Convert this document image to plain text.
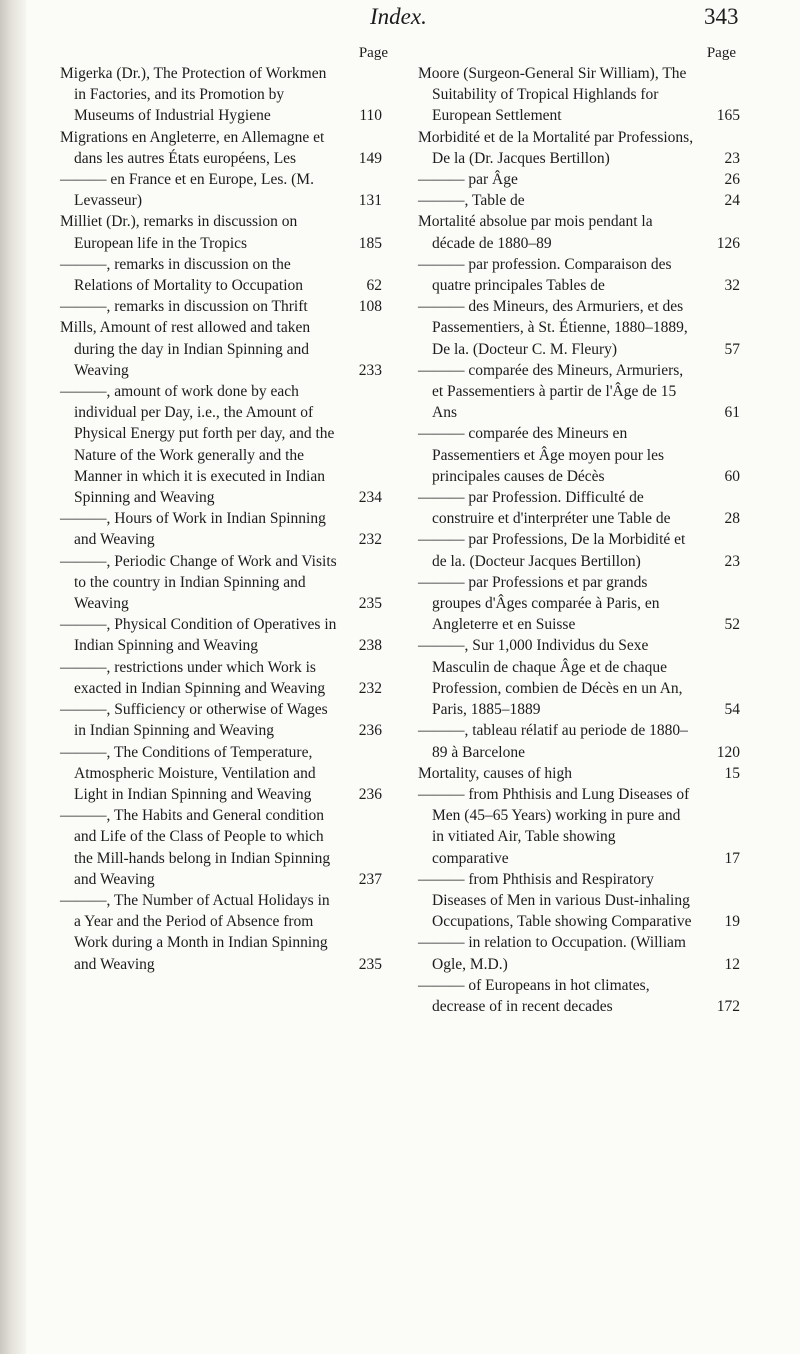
Index.	343
Page
Migerka (Dr.), The Protection of Workmen in Factories, and its Promotion by Museums of Industrial Hygiene	110
Migrations en Angleterre, en Allemagne et dans les autres États européens, Les	149
——— en France et en Europe, Les. (M. Levasseur)	131
Milliet (Dr.), remarks in discussion on European life in the Tropics	185
———, remarks in discussion on the Relations of Mortality to Occupation	62
———, remarks in discussion on Thrift	108
Mills, Amount of rest allowed and taken during the day in Indian Spinning and Weaving	233
———, amount of work done by each individual per Day, i.e., the Amount of Physical Energy put forth per day, and the Nature of the Work generally and the Manner in which it is executed in Indian Spinning and Weaving	234
———, Hours of Work in Indian Spinning and Weaving	232
———, Periodic Change of Work and Visits to the country in Indian Spinning and Weaving	235
———, Physical Condition of Operatives in Indian Spinning and Weaving	238
———, restrictions under which Work is exacted in Indian Spinning and Weaving	232
———, Sufficiency or otherwise of Wages in Indian Spinning and Weaving	236
———, The Conditions of Temperature, Atmospheric Moisture, Ventilation and Light in Indian Spinning and Weaving	236
———, The Habits and General condition and Life of the Class of People to which the Mill-hands belong in Indian Spinning and Weaving	237
———, The Number of Actual Holidays in a Year and the Period of Absence from Work during a Month in Indian Spinning and Weaving	235
Page
Moore (Surgeon-General Sir William), The Suitability of Tropical Highlands for European Settlement	165
Morbidité et de la Mortalité par Professions, De la (Dr. Jacques Bertillon)	23
——— par Âge	26
———, Table de	24
Mortalité absolue par mois pendant la décade de 1880–89	126
——— par profession. Comparaison des quatre principales Tables de	32
——— des Mineurs, des Armuriers, et des Passementiers, à St. Étienne, 1880–1889, De la. (Docteur C. M. Fleury)	57
——— comparée des Mineurs, Armuriers, et Passementiers à partir de l'Âge de 15 Ans	61
——— comparée des Mineurs en Passementiers et Âge moyen pour les principales causes de Décès	60
——— par Profession. Difficulté de construire et d'interpréter une Table de	28
——— par Professions, De la Morbidité et de la. (Docteur Jacques Bertillon)	23
——— par Professions et par grands groupes d'Âges comparée à Paris, en Angleterre et en Suisse	52
———, Sur 1,000 Individus du Sexe Masculin de chaque Âge et de chaque Profession, combien de Décès en un An, Paris, 1885–1889	54
———, tableau rélatif au periode de 1880–89 à Barcelone	120
Mortality, causes of high	15
——— from Phthisis and Lung Diseases of Men (45–65 Years) working in pure and in vitiated Air, Table showing comparative	17
——— from Phthisis and Respiratory Diseases of Men in various Dust-inhaling Occupations, Table showing Comparative	19
——— in relation to Occupation. (William Ogle, M.D.)	12
——— of Europeans in hot climates, decrease of in recent decades	172
